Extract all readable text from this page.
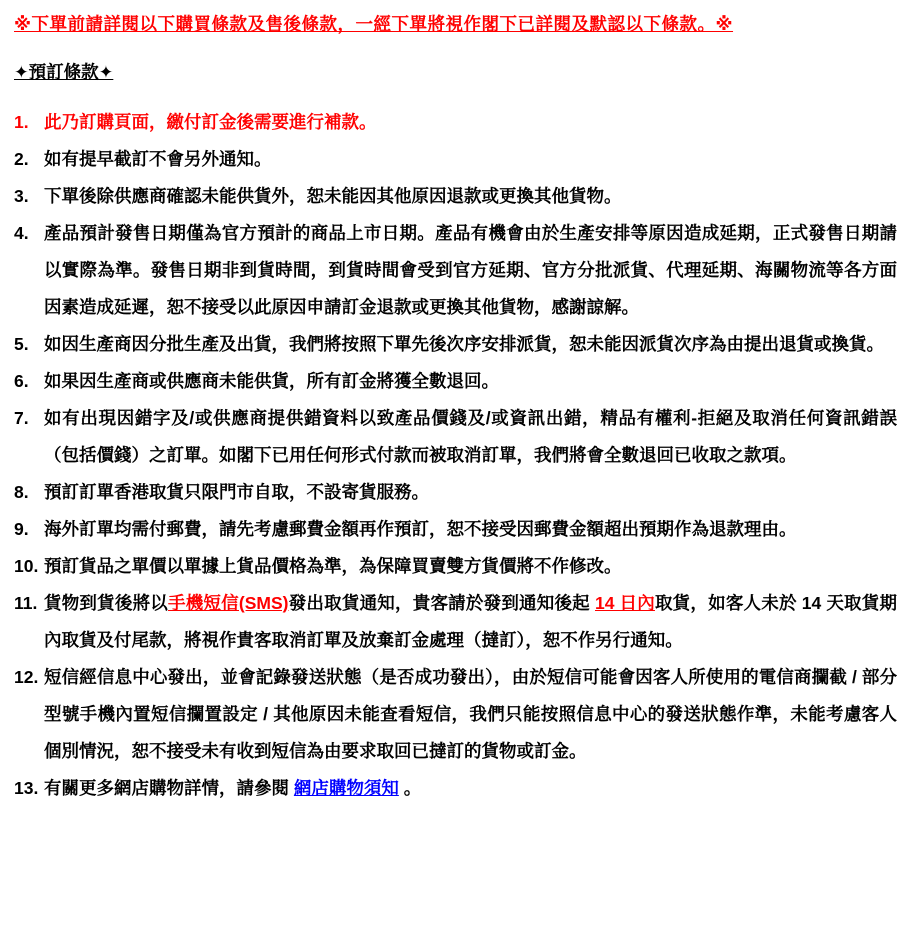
※下單前請詳閱以下購買條款及售後條款，一經下單將視作閣下已詳閱及默認以下條款。※
✦預訂條款✦
1. 此乃訂購頁面，繳付訂金後需要進行補款。
2. 如有提早截訂不會另外通知。
3. 下單後除供應商確認未能供貨外，恕未能因其他原因退款或更換其他貨物。
4. 產品預計發售日期僅為官方預計的商品上市日期。產品有機會由於生產安排等原因造成延期，正式發售日期請以實際為準。發售日期非到貨時間，到貨時間會受到官方延期、官方分批派貨、代理延期、海關物流等各方面因素造成延遲，恕不接受以此原因申請訂金退款或更換其他貨物，感謝諒解。
5. 如因生產商因分批生產及出貨，我們將按照下單先後次序安排派貨，恕未能因派貨次序為由提出退貨或換貨。
6. 如果因生產商或供應商未能供貨，所有訂金將獲全數退回。
7. 如有出現因錯字及/或供應商提供錯資料以致產品價錢及/或資訊出錯，精品有權利-拒絕及取消任何資訊錯誤（包括價錢）之訂單。如閣下已用任何形式付款而被取消訂單，我們將會全數退回已收取之款項。
8. 預訂訂單香港取貨只限門市自取，不設寄貨服務。
9. 海外訂單均需付郵費，請先考慮郵費金額再作預訂，恕不接受因郵費金額超出預期作為退款理由。
10. 預訂貨品之單價以單據上貨品價格為準，為保障買賣雙方貨價將不作修改。
11. 貨物到貨後將以手機短信(SMS)發出取貨通知，貴客請於發到通知後起 14 日內取貨，如客人未於 14 天取貨期內取貨及付尾款，將視作貴客取消訂單及放棄訂金處理（撻訂），恕不作另行通知。
12. 短信經信息中心發出，並會記錄發送狀態（是否成功發出），由於短信可能會因客人所使用的電信商攔截 / 部分型號手機內置短信攔置設定 / 其他原因未能查看短信，我們只能按照信息中心的發送狀態作準，未能考慮客人個別情況，恕不接受未有收到短信為由要求取回已撻訂的貨物或訂金。
13. 有關更多網店購物詳情，請參閱 網店購物須知 。
